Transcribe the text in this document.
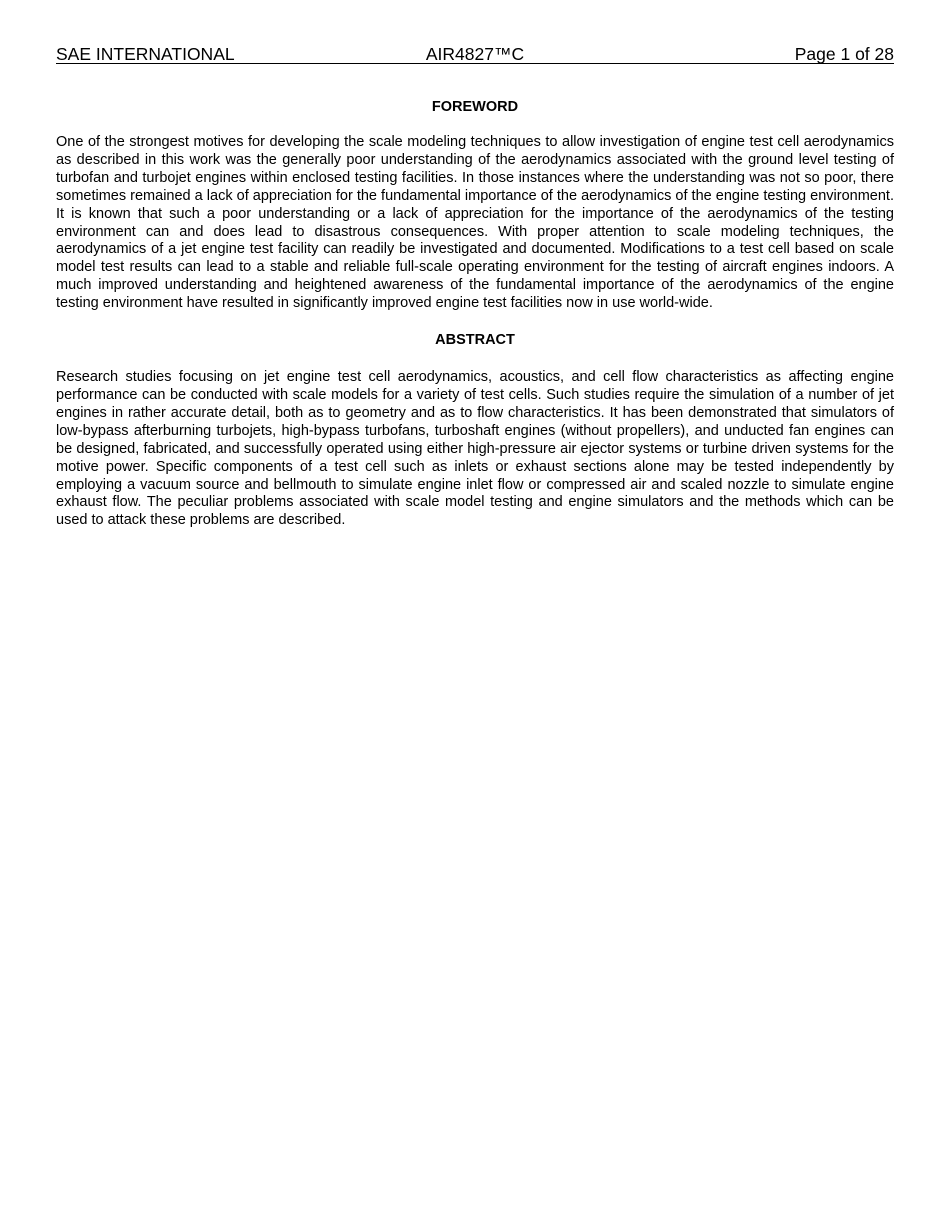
SAE INTERNATIONAL	AIR4827™C	Page 1 of 28
FOREWORD

One of the strongest motives for developing the scale modeling techniques to allow investigation of engine test cell aerodynamics as described in this work was the generally poor understanding of the aerodynamics associated with the ground level testing of turbofan and turbojet engines within enclosed testing facilities. In those instances where the understanding was not so poor, there sometimes remained a lack of appreciation for the fundamental importance of the aerodynamics of the engine testing environment. It is known that such a poor understanding or a lack of appreciation for the importance of the aerodynamics of the testing environment can and does lead to disastrous consequences. With proper attention to scale modeling techniques, the aerodynamics of a jet engine test facility can readily be investigated and documented. Modifications to a test cell based on scale model test results can lead to a stable and reliable full-scale operating environment for the testing of aircraft engines indoors. A much improved understanding and heightened awareness of the fundamental importance of the aerodynamics of the engine testing environment have resulted in significantly improved engine test facilities now in use world-wide.

ABSTRACT

Research studies focusing on jet engine test cell aerodynamics, acoustics, and cell flow characteristics as affecting engine performance can be conducted with scale models for a variety of test cells. Such studies require the simulation of a number of jet engines in rather accurate detail, both as to geometry and as to flow characteristics. It has been demonstrated that simulators of low-bypass afterburning turbojets, high-bypass turbofans, turboshaft engines (without propellers), and unducted fan engines can be designed, fabricated, and successfully operated using either high-pressure air ejector systems or turbine driven systems for the motive power. Specific components of a test cell such as inlets or exhaust sections alone may be tested independently by employing a vacuum source and bellmouth to simulate engine inlet flow or compressed air and scaled nozzle to simulate engine exhaust flow. The peculiar problems associated with scale model testing and engine simulators and the methods which can be used to attack these problems are described.
